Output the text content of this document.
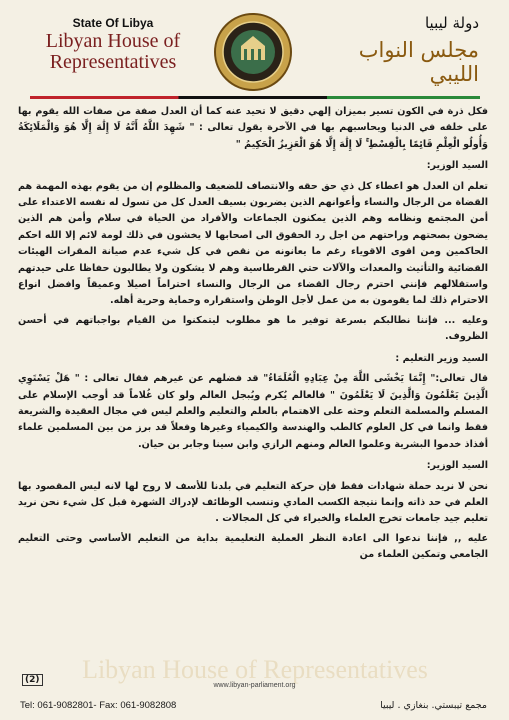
State Of Libya
Libyan House of
Representatives
دولة ليبيا
مجلس النواب الليبي
Libyan House of Representatives

فكل ذرة في الكون تسير بميزان إلهي دقيق لا تحيد عنه كما أن العدل صفة من صفات الله يقوم بها على خلقه في الدنيا ويحاسبهم بها في الآخرة يقول تعالى : " شَهِدَ اللَّهُ أَنَّهُ لَا إِلَٰهَ إِلَّا هُوَ وَالْمَلَائِكَةُ وَأُولُو الْعِلْمِ قَائِمًا بِالْقِسْطِ ۚ لَا إِلَٰهَ إِلَّا هُوَ الْعَزِيزُ الْحَكِيمُ "

السيد الوزير:

تعلم ان العدل هو اعطاء كل ذي حق حقه والانتصاف للضعيف والمظلوم إن من يقوم بهذه المهمة هم القضاة من الرجال والنساء وأعوانهم الذين يضربون بسيف العدل كل من تسول له نفسه الاعتداء على أمن المجتمع ونظامه وهم الذين يمكنون الجماعات والأفراد من الحياة في سلام وأمن هم الذين يضحون بصحتهم وراحتهم من اجل رد الحقوق الى اصحابها لا يخشون في ذلك لومة لائم إلا الله احكم الحاكمين ومن اقوى الاقوياء رغم ما يعانونه من نقص في كل شيء عدم صيانة المقرات الهيئات القضائية والتأثيث والمعدات والآلات حتي القرطاسية وهم لا يشكون ولا يطالبون حفاظا على حيدتهم واستقلالهم فإنني احترم رجال القضاء من الرجال والنساء احتراماً اصيلا وعميقاً وافضل انواع الاحترام ذلك لما يقومون به من عمل لأجل الوطن واستقراره وحماية وحرية أهله.

وعليه ... فإننا نطالبكم بسرعة توفير ما هو مطلوب ليتمكنوا من القيام بواجباتهم في أحسن الظروف.

السيد وزير التعليم :

قال تعالى:" إِنَّمَا يَخْشَى اللَّهَ مِنْ عِبَادِهِ الْعُلَمَاءُ" قد فضلهم عن غيرهم فقال تعالى : " هَلْ يَسْتَوِي الَّذِينَ يَعْلَمُونَ وَالَّذِينَ لَا يَعْلَمُونَ " فالعالم يُكرم ويُبجل العالم ولو كان غُلاماً قد أوجب الإسلام على المسلم والمسلمة التعلم وحثه على الاهتمام بالعلم والتعليم والعلم ليس في مجال العقيدة والشريعة فقط وانما في كل العلوم كالطب والهندسة والكيمياء وغيرها وفعلاً قد برز من بين المسلمين علماء أفذاذ خدموا البشرية وعلموا العالم ومنهم الرازي وابن سينا وجابر بن حيان.

السيد الوزير:

نحن لا نريد حملة شهادات فقط فإن حركة التعليم في بلدنا للأسف لا روح لها لانه ليس المقصود بها العلم في حد ذاته وإنما نتيجة الكسب المادي وتنسب الوظائف لإدراك الشهرة قبل كل شيء نحن نريد تعليم جيد جامعات تخرج العلماء والخبراء في كل المجالات .

عليه ,, فإننا ندعوا الى اعادة النظر العملية التعليمية بداية من التعليم الأساسي وحتى التعليم الجامعي وتمكين العلماء من

(2)
www.libyan-parliament.org
Tel: 061-9082801- Fax: 061-9082808	مجمع تيبستي. بنغازي . ليبيا
